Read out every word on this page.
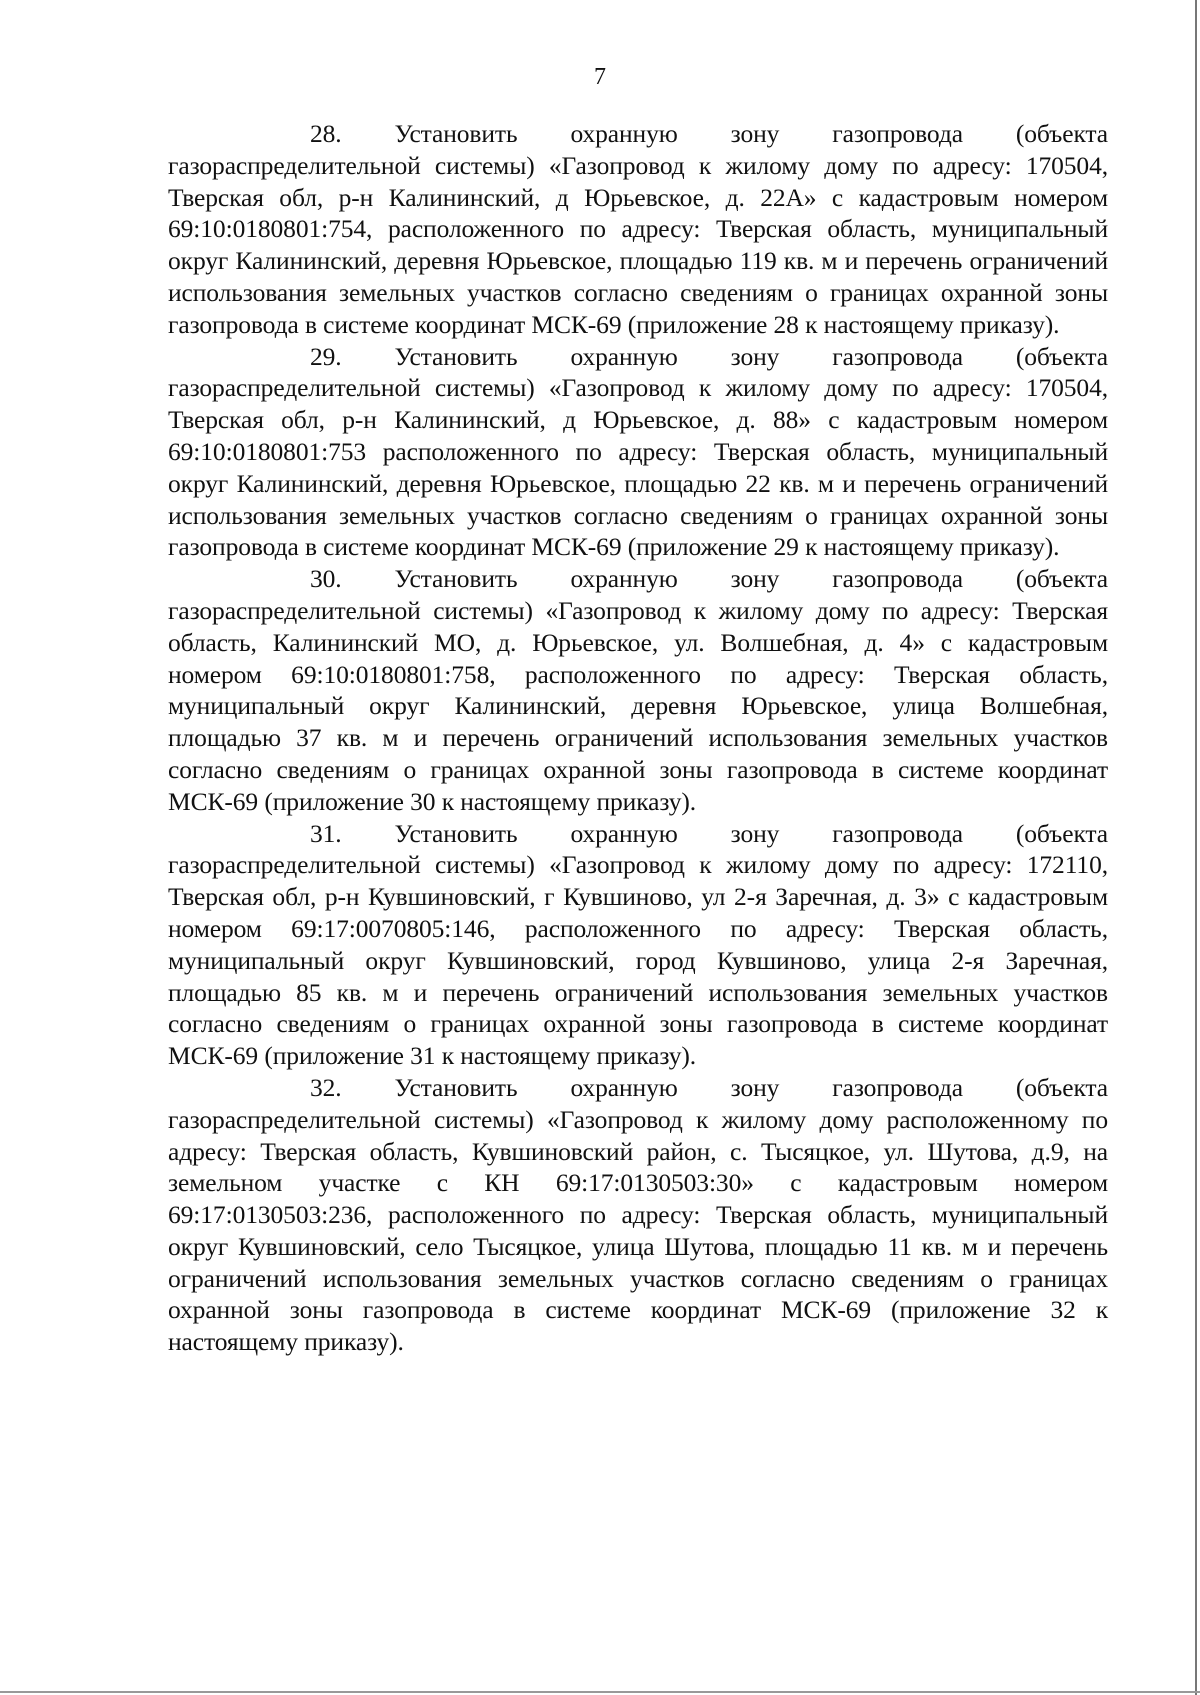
7

28. Установить охранную зону газопровода (объекта газораспределительной системы) «Газопровод к жилому дому по адресу: 170504, Тверская обл, р-н Калининский, д Юрьевское, д. 22А» с кадастровым номером 69:10:0180801:754, расположенного по адресу: Тверская область, муниципальный округ Калининский, деревня Юрьевское, площадью 119 кв. м и перечень ограничений использования земельных участков согласно сведениям о границах охранной зоны газопровода в системе координат МСК-69 (приложение 28 к настоящему приказу).

29. Установить охранную зону газопровода (объекта газораспределительной системы) «Газопровод к жилому дому по адресу: 170504, Тверская обл, р-н Калининский, д Юрьевское, д. 88» с кадастровым номером 69:10:0180801:753 расположенного по адресу: Тверская область, муниципальный округ Калининский, деревня Юрьевское, площадью 22 кв. м и перечень ограничений использования земельных участков согласно сведениям о границах охранной зоны газопровода в системе координат МСК-69 (приложение 29 к настоящему приказу).

30. Установить охранную зону газопровода (объекта газораспределительной системы) «Газопровод к жилому дому по адресу: Тверская область, Калининский МО, д. Юрьевское, ул. Волшебная, д. 4» с кадастровым номером 69:10:0180801:758, расположенного по адресу: Тверская область, муниципальный округ Калининский, деревня Юрьевское, улица Волшебная, площадью 37 кв. м и перечень ограничений использования земельных участков согласно сведениям о границах охранной зоны газопровода в системе координат МСК-69 (приложение 30 к настоящему приказу).

31. Установить охранную зону газопровода (объекта газораспределительной системы) «Газопровод к жилому дому по адресу: 172110, Тверская обл, р-н Кувшиновский, г Кувшиново, ул 2-я Заречная, д. 3» с кадастровым номером 69:17:0070805:146, расположенного по адресу: Тверская область, муниципальный округ Кувшиновский, город Кувшиново, улица 2-я Заречная, площадью 85 кв. м и перечень ограничений использования земельных участков согласно сведениям о границах охранной зоны газопровода в системе координат МСК-69 (приложение 31 к настоящему приказу).

32. Установить охранную зону газопровода (объекта газораспределительной системы) «Газопровод к жилому дому расположенному по адресу: Тверская область, Кувшиновский район, с. Тысяцкое, ул. Шутова, д.9, на земельном участке с КН 69:17:0130503:30» с кадастровым номером 69:17:0130503:236, расположенного по адресу: Тверская область, муниципальный округ Кувшиновский, село Тысяцкое, улица Шутова, площадью 11 кв. м и перечень ограничений использования земельных участков согласно сведениям о границах охранной зоны газопровода в системе координат МСК-69 (приложение 32 к настоящему приказу).
